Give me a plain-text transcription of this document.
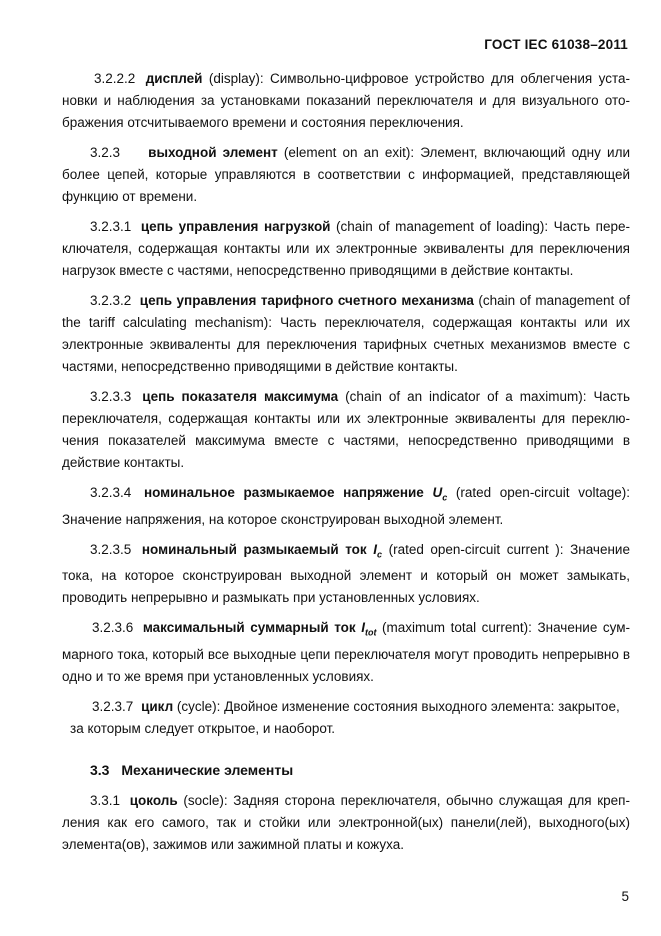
ГОСТ IEC 61038–2011

3.2.2.2 дисплей (display): Символьно-цифровое устройство для облегчения уста-новки и наблюдения за установками показаний переключателя и для визуального ото-бражения отсчитываемого времени и состояния переключения.

3.2.3 выходной элемент (element on an exit): Элемент, включающий одну или более цепей, которые управляются в соответствии с информацией, представляющей функцию от времени.

3.2.3.1 цепь управления нагрузкой (chain of management of loading): Часть пере-ключателя, содержащая контакты или их электронные эквиваленты для переключения нагрузок вместе с частями, непосредственно приводящими в действие контакты.

3.2.3.2 цепь управления тарифного счетного механизма (chain of management of the tariff calculating mechanism): Часть переключателя, содержащая контакты или их электронные эквиваленты для переключения тарифных счетных механизмов вместе с частями, непосредственно приводящими в действие контакты.

3.2.3.3 цепь показателя максимума (chain of an indicator of a maximum): Часть переключателя, содержащая контакты или их электронные эквиваленты для переклю-чения показателей максимума вместе с частями, непосредственно приводящими в действие контакты.

3.2.3.4 номинальное размыкаемое напряжение $U_c$ (rated open-circuit voltage): Значение напряжения, на которое сконструирован выходной элемент.

3.2.3.5 номинальный размыкаемый ток $I_c$ (rated open-circuit current ): Значение тока, на которое сконструирован выходной элемент и который он может замыкать, проводить непрерывно и размыкать при установленных условиях.

3.2.3.6 максимальный суммарный ток $I_{tot}$ (maximum total current): Значение сум-марного тока, который все выходные цепи переключателя могут проводить непрерывно в одно и то же время при установленных условиях.

3.2.3.7 цикл (cycle): Двойное изменение состояния выходного элемента: закрытое,

за которым следует открытое, и наоборот.

3.3 Механические элементы

3.3.1 цоколь (socle): Задняя сторона переключателя, обычно служащая для креп-ления как его самого, так и стойки или электронной(ых) панели(лей), выходного(ых) элемента(ов), зажимов или зажимной платы и кожуха.

5
